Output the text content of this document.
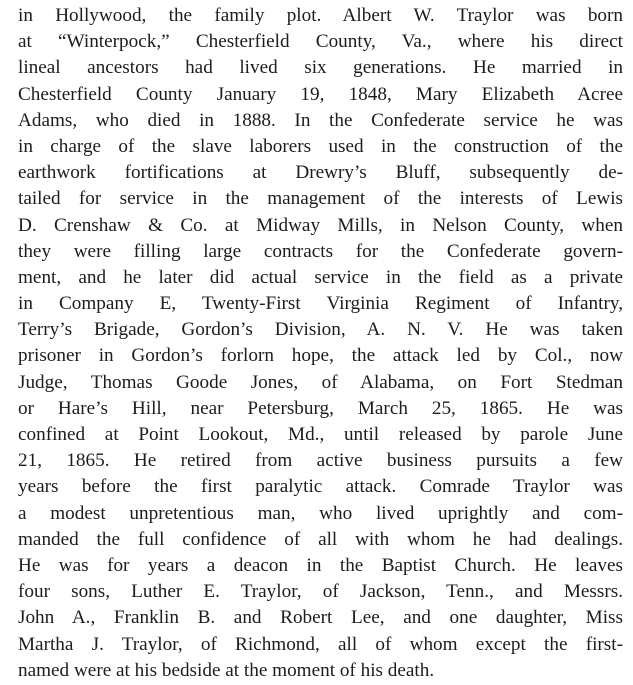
in Hollywood, the family plot. Albert W. Traylor was born
at “Winterpock,” Chesterfield County, Va., where his direct
lineal ancestors had lived six generations. He married in
Chesterfield County January 19, 1848, Mary Elizabeth Acree
Adams, who died in 1888. In the Confederate service he was
in charge of the slave laborers used in the construction of the
earthwork fortifications at Drewry’s Bluff, subsequently de-
tailed for service in the management of the interests of Lewis
D. Crenshaw & Co. at Midway Mills, in Nelson County, when
they were filling large contracts for the Confederate govern-
ment, and he later did actual service in the field as a private
in Company E, Twenty-First Virginia Regiment of Infantry,
Terry’s Brigade, Gordon’s Division, A. N. V. He was taken
prisoner in Gordon’s forlorn hope, the attack led by Col., now
Judge, Thomas Goode Jones, of Alabama, on Fort Stedman
or Hare’s Hill, near Petersburg, March 25, 1865. He was
confined at Point Lookout, Md., until released by parole June
21, 1865. He retired from active business pursuits a few
years before the first paralytic attack. Comrade Traylor was
a modest unpretentious man, who lived uprightly and com-
manded the full confidence of all with whom he had dealings.
He was for years a deacon in the Baptist Church. He leaves
four sons, Luther E. Traylor, of Jackson, Tenn., and Messrs.
John A., Franklin B. and Robert Lee, and one daughter, Miss
Martha J. Traylor, of Richmond, all of whom except the first-
named were at his bedside at the moment of his death.
